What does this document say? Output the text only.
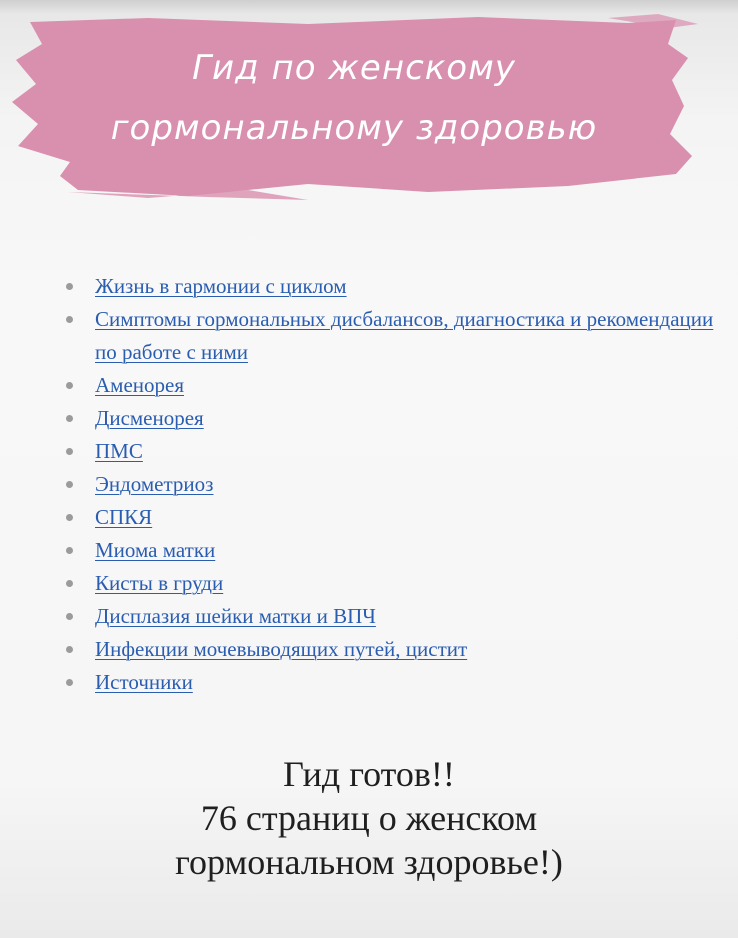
Гид по женскому
гормональному здоровью
Жизнь в гармонии с циклом
Симптомы гормональных дисбалансов, диагностика и рекомендации по работе с ними
Аменорея
Дисменорея
ПМС
Эндометриоз
СПКЯ
Миома матки
Кисты в груди
Дисплазия шейки матки и ВПЧ
Инфекции мочевыводящих путей, цистит
Источники
Гид готов!!
76 страниц о женском
гормональном здоровье!)
